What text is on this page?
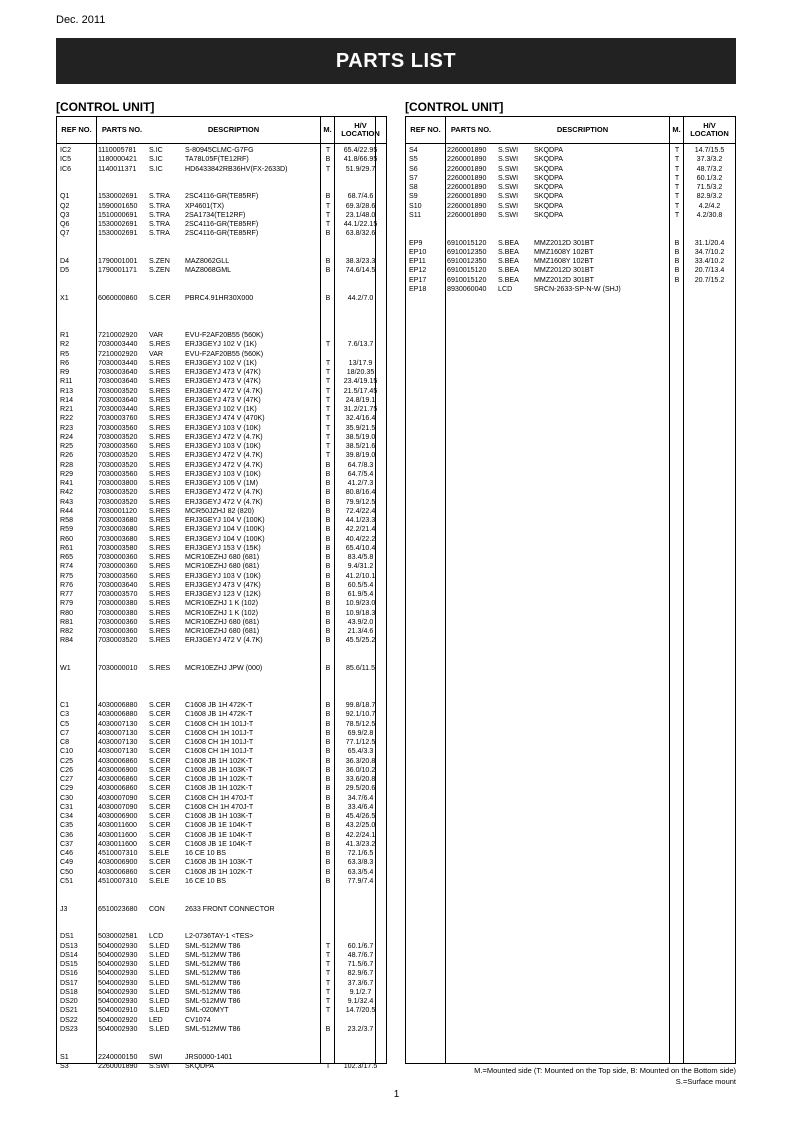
Dec. 2011
PARTS LIST
[CONTROL UNIT]	[CONTROL UNIT]
REF NO.	PARTS NO.	DESCRIPTION	M.	H/V LOCATION
IC2	1110005781	S.IC	S-80945CLMC-G7FG	T	65.4/22.95
IC5	1180000421	S.IC	TA78L05F(TE12RF)	B	41.8/66.95
IC6	1140011371	S.IC	HD6433842RB36HV(FX-2633D)	T	51.9/29.7
Q1	1530002691	S.TRA	2SC4116-GR(TE85RF)	B	68.7/4.6
Q2	1590001650	S.TRA	XP4601(TX)	T	69.3/28.6
Q3	1510000691	S.TRA	2SA1734(TE12RF)	T	23.1/48.0
Q6	1530002691	S.TRA	2SC4116-GR(TE85RF)	T	44.1/22.15
Q7	1530002691	S.TRA	2SC4116-GR(TE85RF)	B	63.8/32.6
D4	1790001001	S.ZEN	MAZ8062GLL	B	38.3/23.3
D5	1790001171	S.ZEN	MAZ8068GML	B	74.6/14.5
X1	6060000860	S.CER	PBRC4.91HR30X000	B	44.2/7.0
R1	7210002920	VAR	EVU-F2AF20B55 (560K)
R2	7030003440	S.RES	ERJ3GEYJ 102 V (1K)	T	7.6/13.7
R5	7210002920	VAR	EVU-F2AF20B55 (560K)
R6	7030003440	S.RES	ERJ3GEYJ 102 V (1K)	T	13/17.9
R9	7030003640	S.RES	ERJ3GEYJ 473 V (47K)	T	18/20.35
R11	7030003640	S.RES	ERJ3GEYJ 473 V (47K)	T	23.4/19.15
R13	7030003520	S.RES	ERJ3GEYJ 472 V (4.7K)	T	21.5/17.45
R14	7030003640	S.RES	ERJ3GEYJ 473 V (47K)	T	24.8/19.1
R21	7030003440	S.RES	ERJ3GEYJ 102 V (1K)	T	31.2/21.75
R22	7030003760	S.RES	ERJ3GEYJ 474 V (470K)	T	32.4/16.4
R23	7030003560	S.RES	ERJ3GEYJ 103 V (10K)	T	35.9/21.5
R24	7030003520	S.RES	ERJ3GEYJ 472 V (4.7K)	T	38.5/19.0
R25	7030003560	S.RES	ERJ3GEYJ 103 V (10K)	T	38.5/21.6
R26	7030003520	S.RES	ERJ3GEYJ 472 V (4.7K)	T	39.8/19.0
R28	7030003520	S.RES	ERJ3GEYJ 472 V (4.7K)	B	64.7/8.3
R29	7030003560	S.RES	ERJ3GEYJ 103 V (10K)	B	64.7/5.4
R41	7030003800	S.RES	ERJ3GEYJ 105 V (1M)	B	41.2/7.3
R42	7030003520	S.RES	ERJ3GEYJ 472 V (4.7K)	B	80.8/16.4
R43	7030003520	S.RES	ERJ3GEYJ 472 V (4.7K)	B	79.9/12.5
R44	7030001120	S.RES	MCR50JZHJ 82 (820)	B	72.4/22.4
R58	7030003680	S.RES	ERJ3GEYJ 104 V (100K)	B	44.1/23.3
R59	7030003680	S.RES	ERJ3GEYJ 104 V (100K)	B	42.2/21.4
R60	7030003680	S.RES	ERJ3GEYJ 104 V (100K)	B	40.4/22.2
R61	7030003580	S.RES	ERJ3GEYJ 153 V (15K)	B	65.4/10.4
R65	7030000360	S.RES	MCR10EZHJ 680 (681)	B	83.4/5.8
R74	7030000360	S.RES	MCR10EZHJ 680 (681)	B	9.4/31.2
R75	7030003560	S.RES	ERJ3GEYJ 103 V (10K)	B	41.2/10.1
R76	7030003640	S.RES	ERJ3GEYJ 473 V (47K)	B	60.5/5.4
R77	7030003570	S.RES	ERJ3GEYJ 123 V (12K)	B	61.9/5.4
R79	7030000380	S.RES	MCR10EZHJ 1 K (102)	B	10.9/23.0
R80	7030000380	S.RES	MCR10EZHJ 1 K (102)	B	10.9/18.3
R81	7030000360	S.RES	MCR10EZHJ 680 (681)	B	43.9/2.0
R82	7030000360	S.RES	MCR10EZHJ 680 (681)	B	21.3/4.6
R84	7030003520	S.RES	ERJ3GEYJ 472 V (4.7K)	B	45.5/25.2
W1	7030000010	S.RES	MCR10EZHJ JPW (000)	B	85.6/11.5
C1	4030006880	S.CER	C1608 JB 1H 472K-T	B	99.8/18.7
C3	4030006880	S.CER	C1608 JB 1H 472K-T	B	92.1/10.7
C5	4030007130	S.CER	C1608 CH 1H 101J-T	B	78.5/12.5
C7	4030007130	S.CER	C1608 CH 1H 101J-T	B	69.9/2.8
C8	4030007130	S.CER	C1608 CH 1H 101J-T	B	77.1/12.5
C10	4030007130	S.CER	C1608 CH 1H 101J-T	B	65.4/3.3
C25	4030006860	S.CER	C1608 JB 1H 102K-T	B	36.3/20.8
C26	4030006900	S.CER	C1608 JB 1H 103K-T	B	36.0/10.2
C27	4030006860	S.CER	C1608 JB 1H 102K-T	B	33.6/20.8
C29	4030006860	S.CER	C1608 JB 1H 102K-T	B	29.5/20.6
C30	4030007090	S.CER	C1608 CH 1H 470J-T	B	34.7/6.4
C31	4030007090	S.CER	C1608 CH 1H 470J-T	B	33.4/6.4
C34	4030006900	S.CER	C1608 JB 1H 103K-T	B	45.4/26.5
C35	4030011600	S.CER	C1608 JB 1E 104K-T	B	43.2/25.0
C36	4030011600	S.CER	C1608 JB 1E 104K-T	B	42.2/24.1
C37	4030011600	S.CER	C1608 JB 1E 104K-T	B	41.3/23.2
C46	4510007310	S.ELE	16 CE 10 BS	B	72.1/6.5
C49	4030006900	S.CER	C1608 JB 1H 103K-T	B	63.3/8.3
C50	4030006860	S.CER	C1608 JB 1H 102K-T	B	63.3/5.4
C51	4510007310	S.ELE	16 CE 10 BS	B	77.9/7.4
J3	6510023680	CON	2633 FRONT CONNECTOR
DS1	5030002581	LCD	L2-0736TAY-1 <TES>
DS13	5040002930	S.LED	SML-512MW T86	T	60.1/6.7
DS14	5040002930	S.LED	SML-512MW T86	T	48.7/6.7
DS15	5040002930	S.LED	SML-512MW T86	T	71.5/6.7
DS16	5040002930	S.LED	SML-512MW T86	T	82.9/6.7
DS17	5040002930	S.LED	SML-512MW T86	T	37.3/6.7
DS18	5040002930	S.LED	SML-512MW T86	T	9.1/2.7
DS20	5040002930	S.LED	SML-512MW T86	T	9.1/32.4
DS21	5040002910	S.LED	SML-020MYT	T	14.7/20.5
DS22	5040002920	LED	CV1074
DS23	5040002930	S.LED	SML-512MW T86	B	23.2/3.7
S1	2240000150	SWI	JRS0000-1401
S3	2260001890	S.SWI	SKQDPA	T	102.3/17.5
REF NO.	PARTS NO.	DESCRIPTION	M.	H/V LOCATION
S4	2260001890	S.SWI	SKQDPA	T	14.7/15.5
S5	2260001890	S.SWI	SKQDPA	T	37.3/3.2
S6	2260001890	S.SWI	SKQDPA	T	48.7/3.2
S7	2260001890	S.SWI	SKQDPA	T	60.1/3.2
S8	2260001890	S.SWI	SKQDPA	T	71.5/3.2
S9	2260001890	S.SWI	SKQDPA	T	82.9/3.2
S10	2260001890	S.SWI	SKQDPA	T	4.2/4.2
S11	2260001890	S.SWI	SKQDPA	T	4.2/30.8
EP9	6910015120	S.BEA	MMZ2012D 301BT	B	31.1/20.4
EP10	6910012350	S.BEA	MMZ1608Y 102BT	B	34.7/10.2
EP11	6910012350	S.BEA	MMZ1608Y 102BT	B	33.4/10.2
EP12	6910015120	S.BEA	MMZ2012D 301BT	B	20.7/13.4
EP17	6910015120	S.BEA	MMZ2012D 301BT	B	20.7/15.2
EP18	8930060040	LCD	SRCN-2633-SP-N-W (SHJ)
M.=Mounted side (T: Mounted on the Top side, B: Mounted on the Bottom side)
S.=Surface mount
1
